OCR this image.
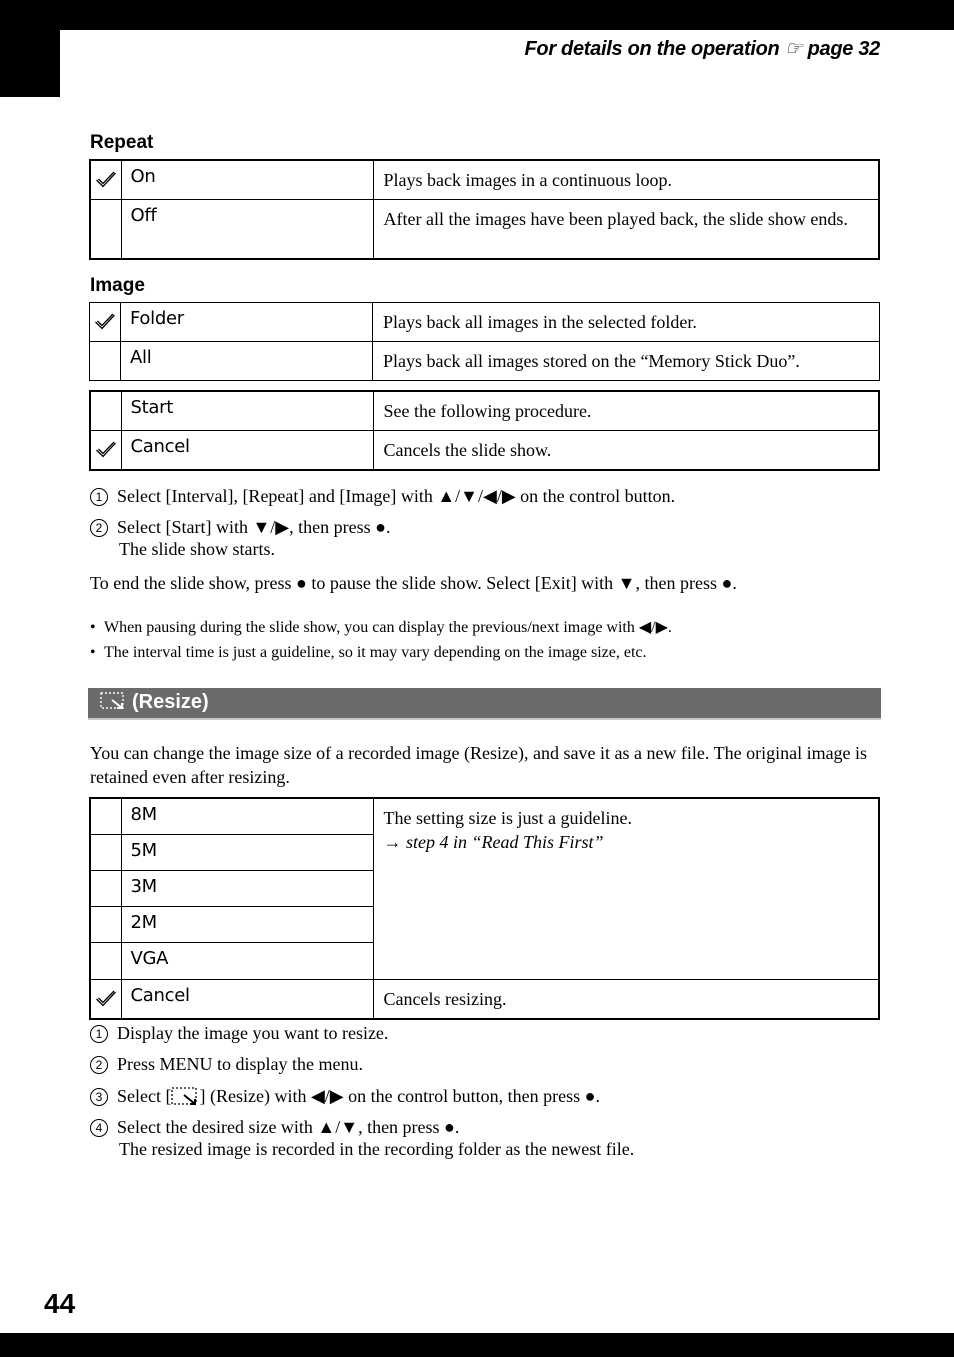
For details on the operation ☞ page 32
Repeat
	On	Plays back images in a continuous loop.
	Off	After all the images have been played back, the slide show ends.
Image
	Folder	Plays back all images in the selected folder.
	All	Plays back all images stored on the “Memory Stick Duo”.
	Start	See the following procedure.

	Cancel	Cancels the slide show.
1 Select [Interval], [Repeat] and [Image] with ▲/▼/◀/▶ on the control button.
2 Select [Start] with ▼/▶, then press ●.
The slide show starts.
To end the slide show, press ● to pause the slide show. Select [Exit] with ▼, then press ●.
• When pausing during the slide show, you can display the previous/next image with ◀/▶.
• The interval time is just a guideline, so it may vary depending on the image size, etc.
(Resize)
You can change the image size of a recorded image (Resize), and save it as a new file. The original image is retained even after resizing.
	8M	The setting size is just a guideline.
→ step 4 in “Read This First”

	5M	
	3M	
	2M	
	VGA	

	Cancel	Cancels resizing.
1 Display the image you want to resize.
2 Press MENU to display the menu.
3 Select [ ] (Resize) with ◀/▶ on the control button, then press ●.
4 Select the desired size with ▲/▼, then press ●.
The resized image is recorded in the recording folder as the newest file.
44
